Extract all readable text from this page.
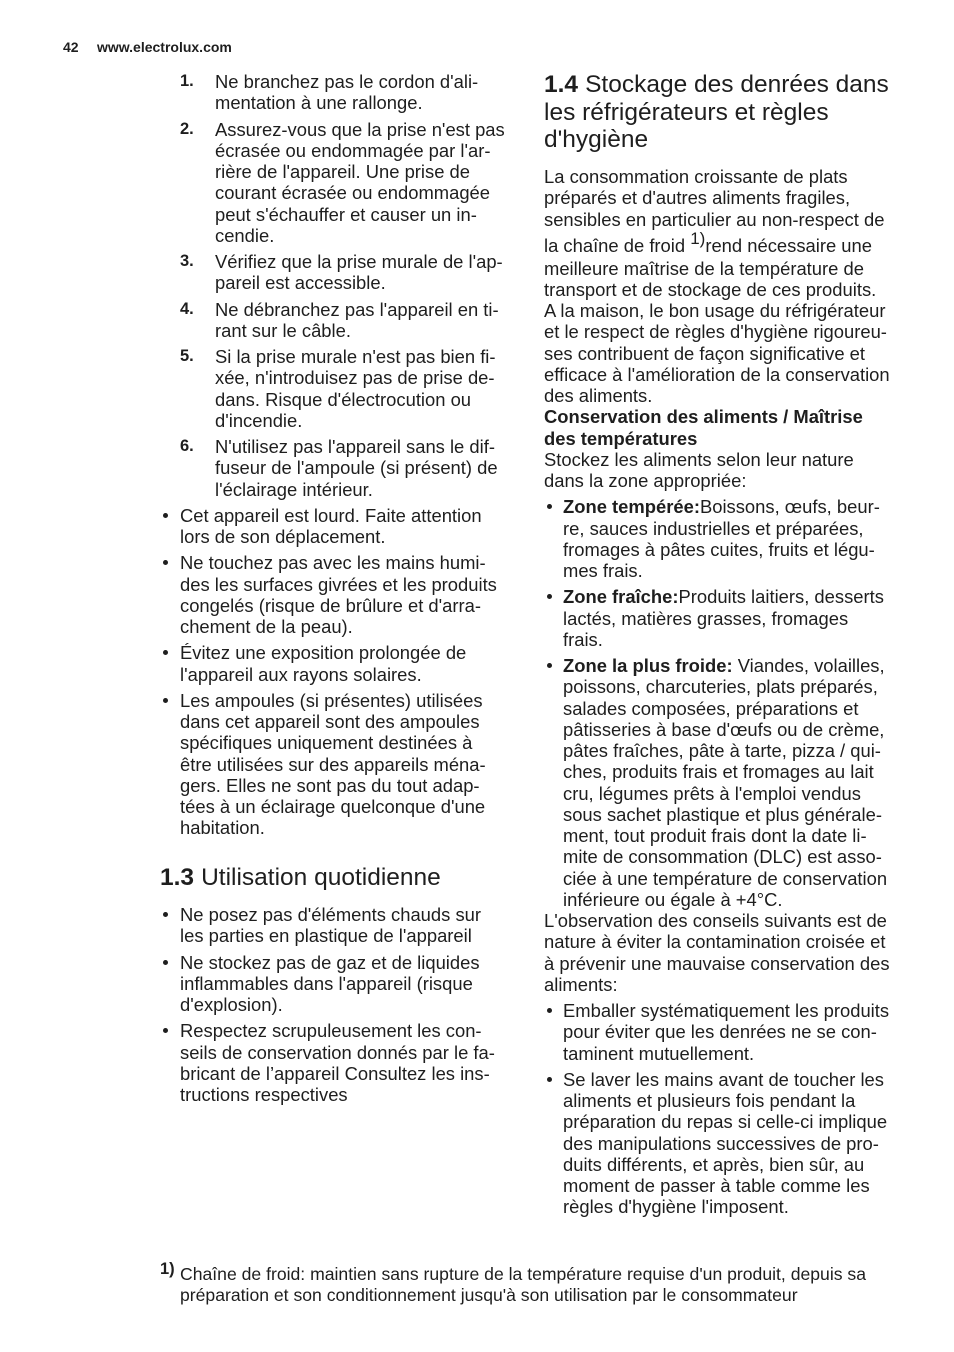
42 www.electrolux.com
1. Ne branchez pas le cordon d'ali-
mentation à une rallonge.
2. Assurez-vous que la prise n'est pas
écrasée ou endommagée par l'ar-
rière de l'appareil. Une prise de
courant écrasée ou endommagée
peut s'échauffer et causer un in-
cendie.
3. Vérifiez que la prise murale de l'ap-
pareil est accessible.
4. Ne débranchez pas l'appareil en ti-
rant sur le câble.
5. Si la prise murale n'est pas bien fi-
xée, n'introduisez pas de prise de-
dans. Risque d'électrocution ou
d'incendie.
6. N'utilisez pas l'appareil sans le dif-
fuseur de l'ampoule (si présent) de
l'éclairage intérieur.
Cet appareil est lourd. Faite attention
lors de son déplacement.
Ne touchez pas avec les mains humi-
des les surfaces givrées et les produits
congelés (risque de brûlure et d'arra-
chement de la peau).
Évitez une exposition prolongée de
l'appareil aux rayons solaires.
Les ampoules (si présentes) utilisées
dans cet appareil sont des ampoules
spécifiques uniquement destinées à
être utilisées sur des appareils ména-
gers. Elles ne sont pas du tout adap-
tées à un éclairage quelconque d'une
habitation.
1.3 Utilisation quotidienne
Ne posez pas d'éléments chauds sur
les parties en plastique de l'appareil
Ne stockez pas de gaz et de liquides
inflammables dans l'appareil (risque
d'explosion).
Respectez scrupuleusement les con-
seils de conservation donnés par le fa-
bricant de l’appareil Consultez les ins-
tructions respectives
1.4 Stockage des denrées dans
les réfrigérateurs et règles
d'hygiène
La consommation croissante de plats
préparés et d'autres aliments fragiles,
sensibles en particulier au non-respect de
la chaîne de froid 1)rend nécessaire une
meilleure maîtrise de la température de
transport et de stockage de ces produits.
A la maison, le bon usage du réfrigérateur
et le respect de règles d'hygiène rigoureu-
ses contribuent de façon significative et
efficace à l'amélioration de la conservation
des aliments.
Conservation des aliments / Maîtrise
des températures
Stockez les aliments selon leur nature
dans la zone appropriée:
Zone tempérée:Boissons, œufs, beur-
re, sauces industrielles et préparées,
fromages à pâtes cuites, fruits et légu-
mes frais.
Zone fraîche:Produits laitiers, desserts
lactés, matières grasses, fromages
frais.
Zone la plus froide: Viandes, volailles,
poissons, charcuteries, plats préparés,
salades composées, préparations et
pâtisseries à base d'œufs ou de crème,
pâtes fraîches, pâte à tarte, pizza / qui-
ches, produits frais et fromages au lait
cru, légumes prêts à l'emploi vendus
sous sachet plastique et plus générale-
ment, tout produit frais dont la date li-
mite de consommation (DLC) est asso-
ciée à une température de conservation
inférieure ou égale à +4°C.
L'observation des conseils suivants est de
nature à éviter la contamination croisée et
à prévenir une mauvaise conservation des
aliments:
Emballer systématiquement les produits
pour éviter que les denrées ne se con-
taminent mutuellement.
Se laver les mains avant de toucher les
aliments et plusieurs fois pendant la
préparation du repas si celle-ci implique
des manipulations successives de pro-
duits différents, et après, bien sûr, au
moment de passer à table comme les
règles d'hygiène l'imposent.
1) Chaîne de froid: maintien sans rupture de la température requise d'un produit, depuis sa
préparation et son conditionnement jusqu'à son utilisation par le consommateur
